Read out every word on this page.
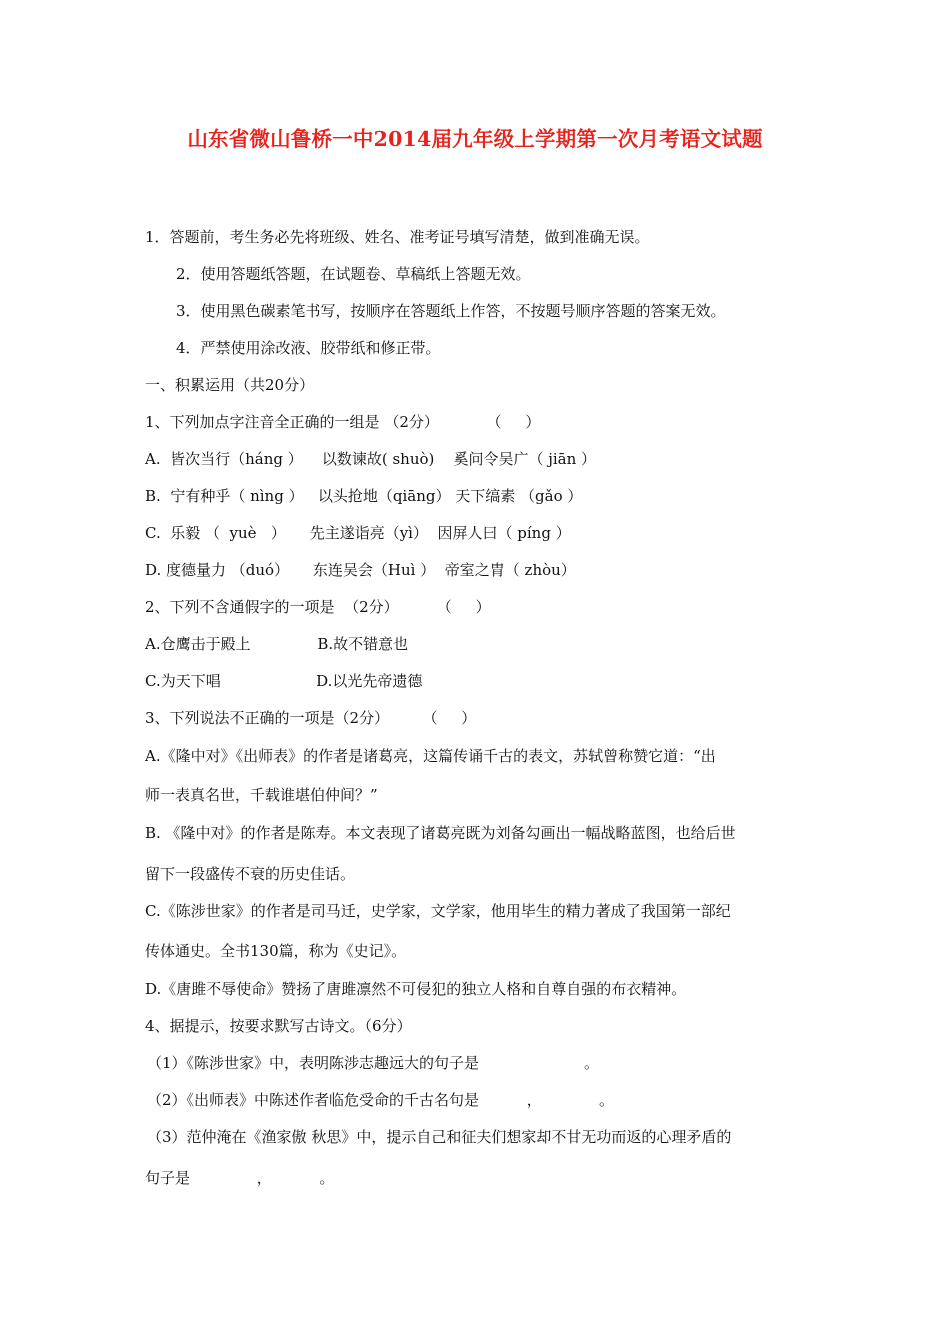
山东省微山鲁桥一中2014届九年级上学期第一次月考语文试题
1．答题前，考生务必先将班级、姓名、准考证号填写清楚，做到准确无误。
2．使用答题纸答题，在试题卷、草稿纸上答题无效。
3．使用黑色碳素笔书写，按顺序在答题纸上作答，不按题号顺序答题的答案无效。
4．严禁使用涂改液、胶带纸和修正带。
一、积累运用（共20分）
1、下列加点字注音全正确的一组是 （2分）          （     ）
A.  皆次当行（háng ）    以数谏故( shuò)    奚问令吴广（ jiān ）
B.  宁有种乎（ nìng ）   以头抢地（qiāng） 天下缟素 （gǎo ）
C.  乐毅 （  yuè   ）     先主遂诣亮（yì）  因屏人曰（ píng ）
D. 度德量力 （duó）     东连吴会（Huì ）  帝室之胄（ zhòu）
2、下列不含通假字的一项是  （2分）        （     ）
A.仓鹰击于殿上              B.故不错意也
C.为天下唱                    D.以光先帝遗德
3、下列说法不正确的一项是（2分）       （     ）
A.《隆中对》《出师表》的作者是诸葛亮，这篇传诵千古的表文，苏轼曾称赞它道：“出
师一表真名世，千载谁堪伯仲间？”
B. 《隆中对》的作者是陈寿。本文表现了诸葛亮既为刘备勾画出一幅战略蓝图，也给后世
留下一段盛传不衰的历史佳话。
C.《陈涉世家》的作者是司马迁，史学家，文学家，他用毕生的精力著成了我国第一部纪
传体通史。全书130篇，称为《史记》。
D.《唐雎不辱使命》赞扬了唐雎凛然不可侵犯的独立人格和自尊自强的布衣精神。
4、据提示，按要求默写古诗文。（6分）
（1）《陈涉世家》中，表明陈涉志趣远大的句子是                      。
（2）《出师表》中陈述作者临危受命的千古名句是          ，            。
（3）范仲淹在《渔家傲 秋思》中，提示自己和征夫们想家却不甘无功而返的心理矛盾的
句子是              ，          。
